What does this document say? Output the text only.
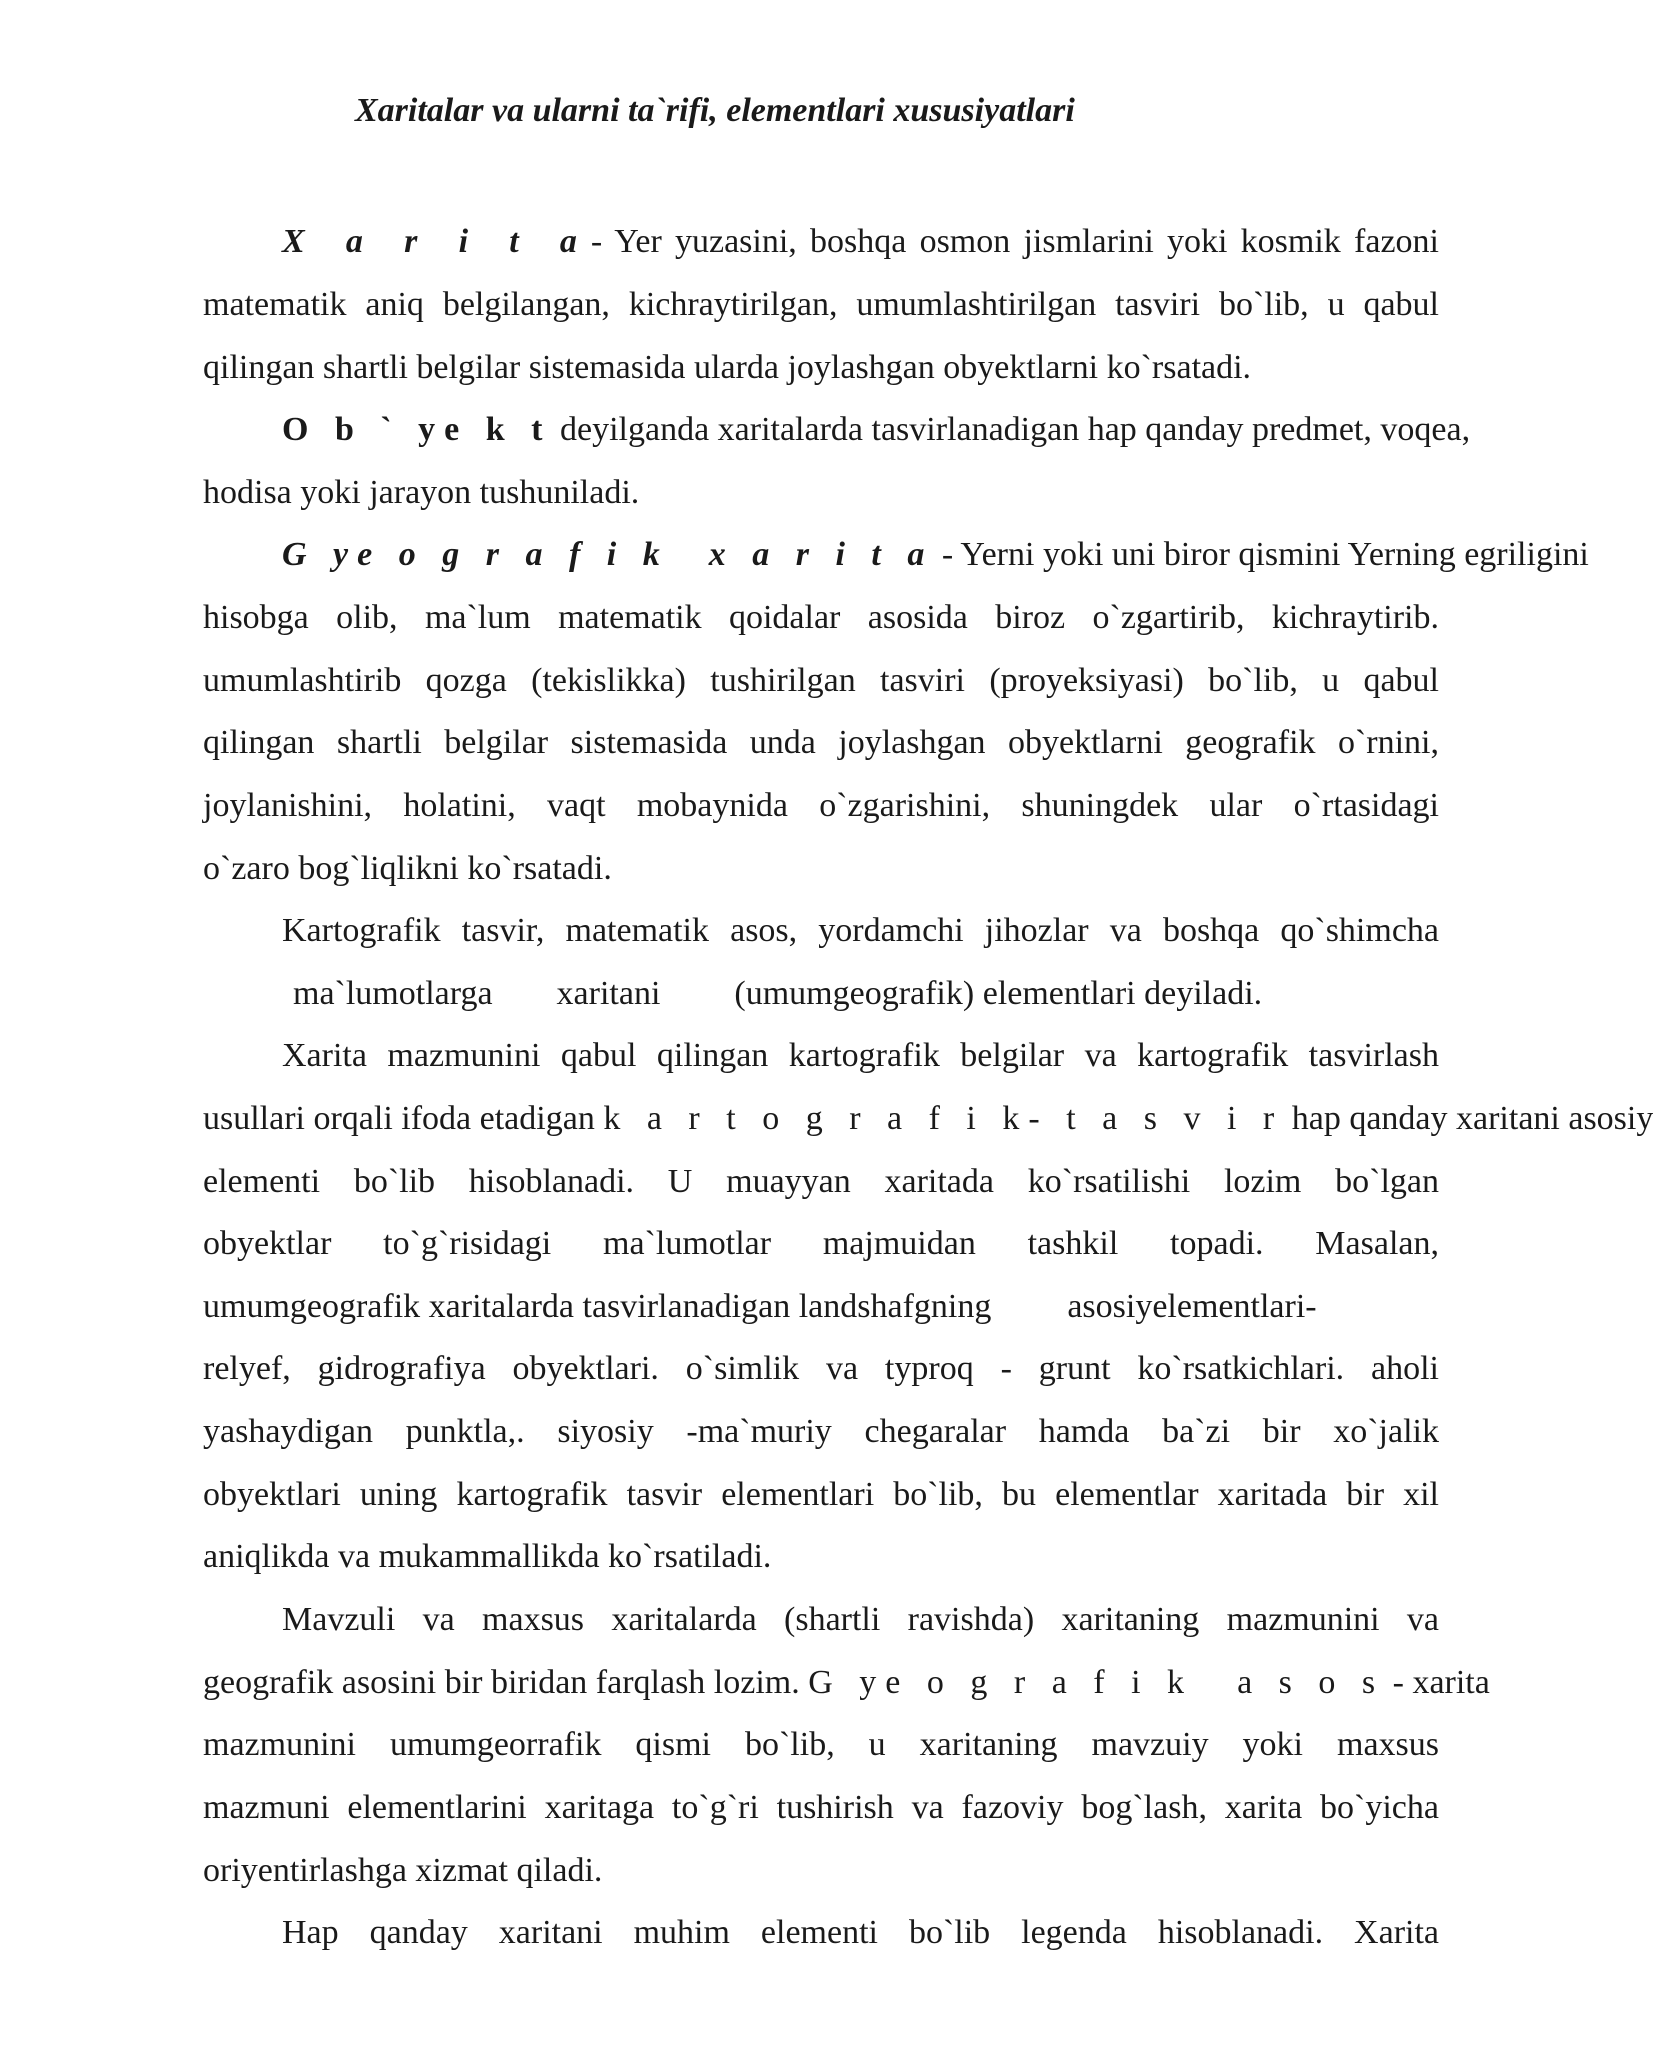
Xaritalar va ularni ta`rifi, elementlari xususiyatlari

X a r i t a- Yer yuzasini, boshqa osmon jismlarini yoki kosmik fazoni

matematik aniq belgilangan, kichraytirilgan, umumlashtirilgan tasviri bo`lib, u qabul

qilingan shartli belgilar sistemasida ularda joylashgan obyektlarni ko`rsatadi.

O b ` ye k t deyilganda xaritalarda tasvirlanadigan hap qanday predmet, voqea,

hodisa yoki jarayon tushuniladi.

G ye o g r a f i k x a r i t a - Yerni yoki uni biror qismini Yerning egriligini

hisobga olib, ma`lum matematik qoidalar asosida biroz o`zgartirib, kichraytirib.

umumlashtirib qozga (tekislikka) tushirilgan tasviri (proyeksiyasi) bo`lib, u qabul

qilingan shartli belgilar sistemasida unda joylashgan obyektlarni geografik o`rnini,

joylanishini, holatini, vaqt mobaynida o`zgarishini, shuningdek ular o`rtasidagi

o`zaro bog`liqlikni ko`rsatadi.

Kartografik tasvir, matematik asos, yordamchi jihozlar va boshqa qo`shimcha

ma`lumotlarga xaritani (umumgeografik) elementlari deyiladi.

Xarita mazmunini qabul qilingan kartografik belgilar va kartografik tasvirlash

usullari orqali ifoda etadigan k a r t o g r a f i k- t a s v i r hap qanday xaritani asosiy

elementi bo`lib hisoblanadi. U muayyan xaritada ko`rsatilishi lozim bo`lgan

obyektlar to`g`risidagi ma`lumotlar majmuidan tashkil topadi. Masalan,

umumgeografik xaritalarda tasvirlanadigan landshafgning asosiyelementlari-

relyef, gidrografiya obyektlari. o`simlik va typroq - grunt ko`rsatkichlari. aholi

yashaydigan punktla,. siyosiy -ma`muriy chegaralar hamda ba`zi bir xo`jalik

obyektlari uning kartografik tasvir elementlari bo`lib, bu elementlar xaritada bir xil

aniqlikda va mukammallikda ko`rsatiladi.

Mavzuli va maxsus xaritalarda (shartli ravishda) xaritaning mazmunini va

geografik asosini bir biridan farqlash lozim. G ye o g r a f i k a s o s - xarita

mazmunini umumgeorrafik qismi bo`lib, u xaritaning mavzuiy yoki maxsus

mazmuni elementlarini xaritaga to`g`ri tushirish va fazoviy bog`lash, xarita bo`yicha

oriyentirlashga xizmat qiladi.

Hap qanday xaritani muhim elementi bo`lib legenda hisoblanadi. Xarita
